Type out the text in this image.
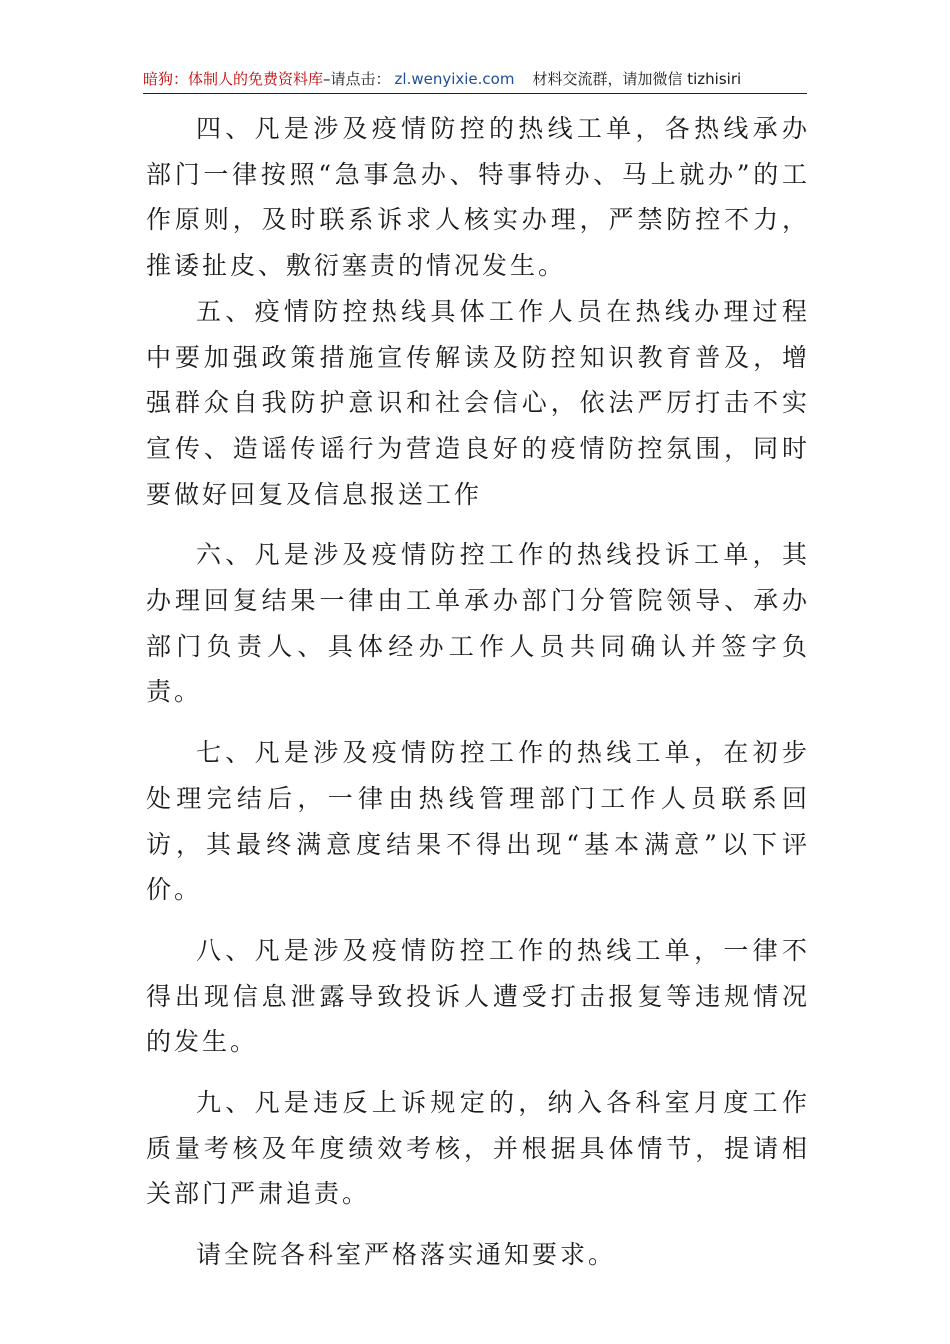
暗狗：体制人的免费资料库–请点击： zl.wenyixie.com 材料交流群，请加微信 tizhisiri

四、凡是涉及疫情防控的热线工单，各热线承办部门一律按照“急事急办、特事特办、马上就办”的工作原则，及时联系诉求人核实办理，严禁防控不力，推诿扯皮、敷衍塞责的情况发生。

五、疫情防控热线具体工作人员在热线办理过程中要加强政策措施宣传解读及防控知识教育普及，增强群众自我防护意识和社会信心，依法严厉打击不实宣传、造谣传谣行为营造良好的疫情防控氛围，同时要做好回复及信息报送工作

六、凡是涉及疫情防控工作的热线投诉工单，其办理回复结果一律由工单承办部门分管院领导、承办部门负责人、具体经办工作人员共同确认并签字负责。

七、凡是涉及疫情防控工作的热线工单，在初步处理完结后，一律由热线管理部门工作人员联系回访，其最终满意度结果不得出现“基本满意”以下评价。

八、凡是涉及疫情防控工作的热线工单，一律不得出现信息泄露导致投诉人遭受打击报复等违规情况的发生。

九、凡是违反上诉规定的，纳入各科室月度工作质量考核及年度绩效考核，并根据具体情节，提请相关部门严肃追责。

请全院各科室严格落实通知要求。
